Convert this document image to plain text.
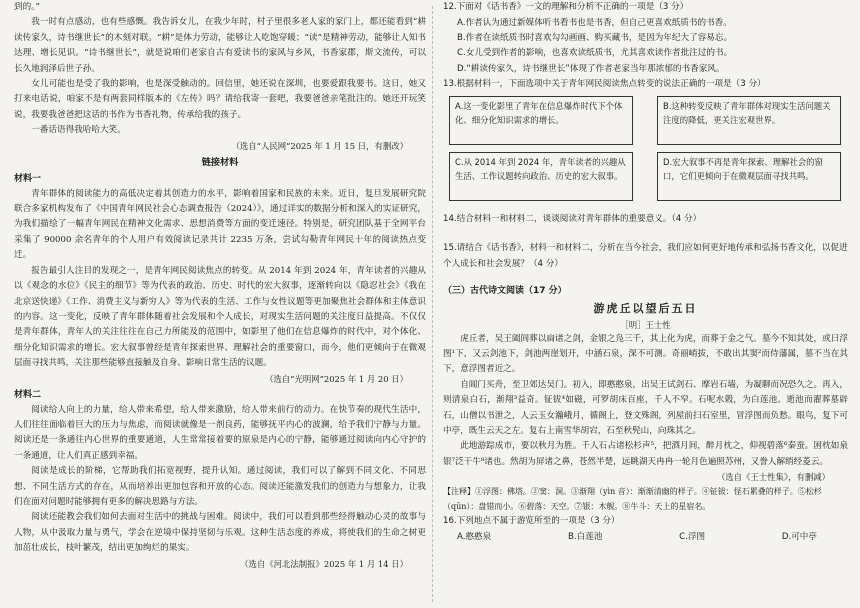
到的。”

我一时有点感动，也有些感慨。我告诉女儿，在我少年时，村子里很多老人家的家门上，都还能看到“耕读传家久，诗书继世长”的木刻对联。“耕”是体力劳动，能够让人吃饱穿暖；“读”是精神劳动，能够让人知书达理、增长见识。“诗书继世长”，就是说咱们老家自古有爱读书的家风与乡风，书香家郡，斯文流传，可以长久地润泽后世子孙。

女儿可能也是受了我的影响，也是深受触动的。回信里，她还说在深圳，也要爱跟我要书。这日，她又打来电话说，咱家不是有两套同样版本的《左传》吗？请给我寄一套吧，我要爸爸亲笔批注的。她还开玩笑说，我要我爸爸把这话的书作为书香礼物，传承给我的孩子。

一番话语得我哈哈大笑。

（选自“人民网”2025 年 1 月 15 日，有删改）

链接材料

材料一

青年群体的阅读能力的高低决定着其创造力的水平，影响着国家和民族的未来。近日，复旦发展研究院联合多家机构发布了《中国青年网民社会心态调查报告（2024）》，通过详实的数据分析和深入的实证研究，为我们描绘了一幅青年网民在精神文化需求、思想消费等方面的变迁速径。特别是，研究团队基于全网平台采集了 90000 余名青年的个人用户有效阅读记录共计 2235 万条，尝试勾勒青年网民十年的阅读热点变迁。

报告最引人注目的发现之一，是青年网民阅读焦点的转变。从 2014 年到 2024 年，青年读者的兴趣从以《观念的水位》《民主的细节》等为代表的政治、历史、时代的宏大叙事，逐渐转向以《隐忍社会》《我在北京送快递》《工作、消费主义与新穷人》等为代表的生活、工作与女性议题等更加聚焦社会群体和主体意识的内容。这一变化，反映了青年群体随着社会发展和个人成长，对现实生活问题的关注度日益提高。不仅仅是青年群体，青年人的关注往往在自己力所能及的范围中，如影里了他们在信息爆炸的时代中，对个体化、细分化知识需求的增长。宏大叙事曾经是青年探索世界、理解社会的重要窗口，而今，他们更倾向于在微观层面寻找共鸣，关注那些能够直接触及自身、影响日常生活的议题。

（选自“光明网”2025 年 1 月 20 日）

材料二

阅读给人向上的力量，给人带来希望，给人带来激励，给人带来前行的动力。在快节奏的现代生活中，人们往往面临着巨大的压力与焦虑，而阅读就像是一剂良药，能够抚平内心的波澜，给予我们宁静与力量。阅读还是一条通往内心世界的重要通道，人生常常接着要的原泉是内心的宁静，能够通过阅读向内心守护的一条通道，让人们真正感到幸福。

阅读是成长的阶梯，它帮助我们拓宽视野，提升认知。通过阅读，我们可以了解到不同文化、不同思想、不同生活方式的存在，从而培养出更加包容和开放的心态。阅读还能激发我们的创造力与想象力，让我们在面对问题时能够拥有更多的解决思路与方法。

阅读还能教会我们如何去面对生活中的挑战与困难。阅读中，我们可以看到那些经得触动心灵的故事与人物，从中汲取力量与勇气，学会在逆境中保持坚韧与乐观。这种生活态度的养成，将使我们的生命之树更加茁壮成长，枝叶繁茂，结出更加绚烂的果实。

（选自《河北法制报》2025 年 1 月 14 日）

12.下面对《话书香》一文的理解和分析不正确的一项是（3 分）

A.作者认为通过新媒体听书看书也是书香，但自己更喜欢纸质书的书香。

B.作者在读纸质书时喜欢勾勾画画、购买藏书，是因为年纪大了容易忘。

C.女儿受到作者的影响，也喜欢读纸质书，尤其喜欢读作者批注过的书。

D.“耕读传家久，诗书继世长”体现了作者老家当年那浓郁的书香家风。

13.根据材料一，下面选项中关于青年网民阅读焦点转变的说法正确的一项是（3 分）

A.这一变化影里了青年在信息爆炸时代下个体化、细分化知识需求的增长。
B.这种转变反映了青年群体对现实生活问题关注度的降低，更关注宏观世界。
C.从 2014 年到 2024 年，青年读者的兴趣从生活、工作议题转向政治、历史的宏大叙事。
D.宏大叙事不再是青年探索、理解社会的窗口，它们更倾向于在微观层面寻找共鸣。

14.结合材料一和材料二，谈谈阅读对青年群体的重要意义。（4 分）

15.请结合《话书香》，材料一和材料二，分析在当今社会，我们应如何更好地传承和弘扬书香文化，以促进个人成长和社会发展？（4 分）

（三）古代诗文阅读（17 分）

游虎丘以望后五日

［明］王士性

虎丘者，吴王阖闾葬以扁诸之剑，金银之凫三千，其上化为虎，而葬于金之气。墓今不知其处，或曰浮图¹下，又云剑池下，剑池两崖划开，中涵石泉，深不可测。奇丽峭拔，不敢出其窦²而侍藩属，墓不当在其下，意浮图者近之。

自阊门买舟，至卫郊达吴门。初入，即憨憨泉，出吴王试剑石、摩岩石墙，为凝聊而况恐久之。再入，则清泉白石，渐翔³益奇。钲钹⁴如磁，可罗胡床百座，千人不窄。石呢水榖，为白莲池。逝池而濯葬墓辟石，山僧以书泄之，人云玉女瀚峨月，循阁上，登文殊阁，列屋前扫石室里，冒浮图而负愁。眼鸟，复下可中亭，既生云天之左。复右上南雪华胡宕，石至秋髡山，向珠其之。

此地游踪成市，要以秋月为胜。千人石占诸松杉声⁵，把酒月间，醉月枕之，仰视碧落⁶秦蚕。困枕如泉银⁷泛干牛⁸诸也。然胡为屏诸之鼻，苍然半楚，远眺湖天冉冉一轮月色遍照苏州，又誊人解绡经菱云。

（选自《王士性集》，有删减）

【注释】①浮图：佛塔。②窦：洞。③渐翔（yìn 音）：渐渐清幽的样子。④钲钹：怪石累叠的样子。⑤松杉（qūn）：盘错而小。⑥碧落：天空。⑦银：木舰。⑧牛斗：天上的星宿名。

16.下列地点不属于游览所至的一项是（3 分）

A.憨憨泉	B.白莲池	C.浮图	D.可中亭
